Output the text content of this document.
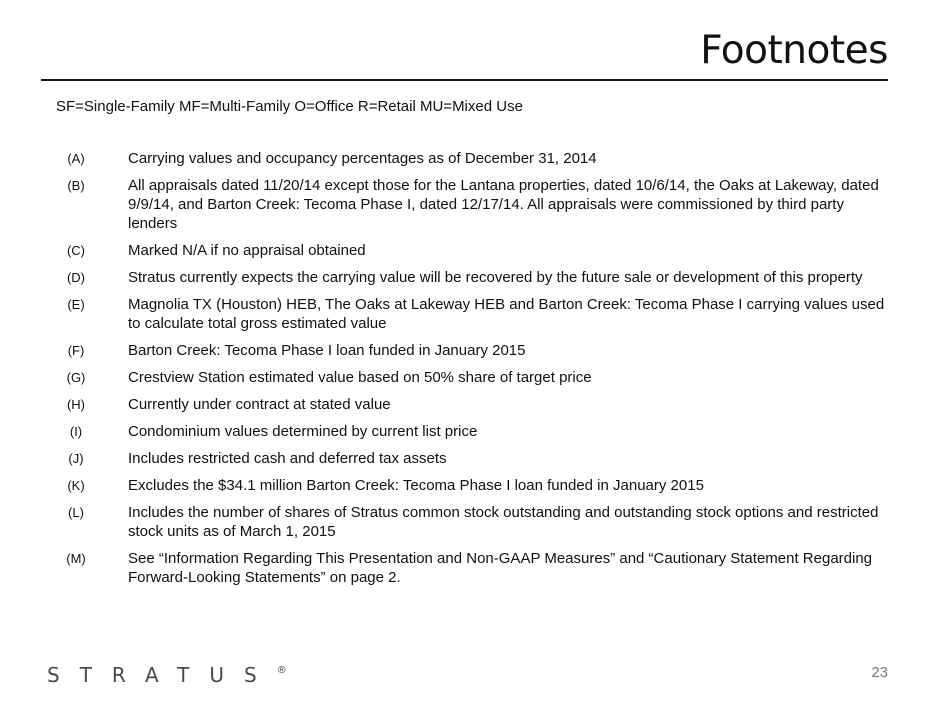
Footnotes
SF=Single-Family MF=Multi-Family O=Office R=Retail MU=Mixed Use
(A)	Carrying values and occupancy percentages as of December 31, 2014
(B)	All appraisals dated 11/20/14 except those for the Lantana properties, dated 10/6/14, the Oaks at Lakeway, dated 9/9/14, and Barton Creek: Tecoma Phase I, dated 12/17/14. All appraisals were commissioned by third party lenders
(C)	Marked N/A if no appraisal obtained
(D)	Stratus currently expects the carrying value will be recovered by the future sale or development of this property
(E)	Magnolia TX (Houston) HEB, The Oaks at Lakeway HEB and Barton Creek: Tecoma Phase I carrying values used to calculate total gross estimated value
(F)	Barton Creek: Tecoma Phase I loan funded in January 2015
(G)	Crestview Station estimated value based on 50% share of target price
(H)	Currently under contract at stated value
(I)	Condominium values determined by current list price
(J)	Includes restricted cash and deferred tax assets
(K)	Excludes the $34.1 million Barton Creek: Tecoma Phase I loan funded in January 2015
(L)	Includes the number of shares of Stratus common stock outstanding and outstanding stock options and restricted stock units as of March 1, 2015
(M)	See “Information Regarding This Presentation and Non-GAAP Measures” and “Cautionary Statement Regarding Forward-Looking Statements” on page 2.
STRATUS®	23
